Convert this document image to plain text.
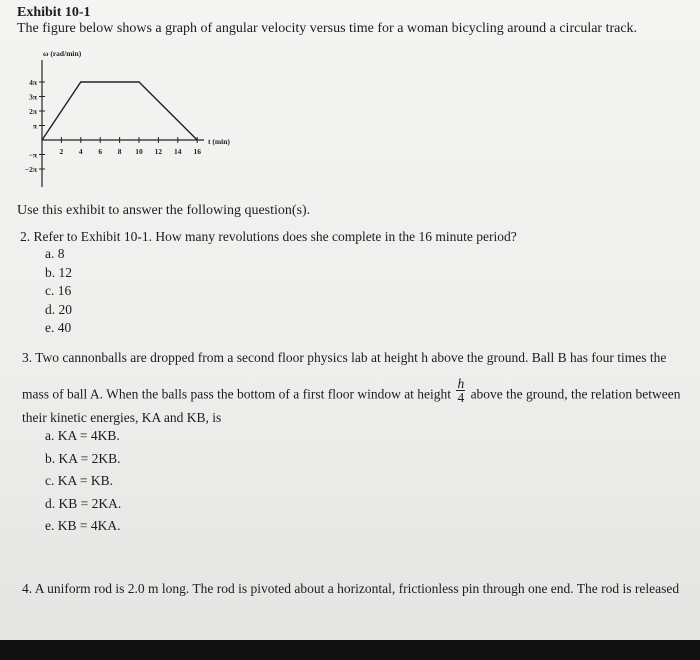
Exhibit 10-1
The figure below shows a graph of angular velocity versus time for a woman bicycling around a circular track.
ω (rad/min)
t (min)
4π
3π
2π
π
−π
−2π
2 4 6 8 10 12 14 16
Use this exhibit to answer the following question(s).
2. Refer to Exhibit 10-1. How many revolutions does she complete in the 16 minute period?
a. 8
b. 12
c. 16
d. 20
e. 40
3. Two cannonballs are dropped from a second floor physics lab at height h above the ground. Ball B has four times the
mass of ball A. When the balls pass the bottom of a first floor window at height $\frac{h}{4}$ above the ground, the relation between
their kinetic energies, KA and KB, is
a. KA = 4KB.
b. KA = 2KB.
c. KA = KB.
d. KB = 2KA.
e. KB = 4KA.
4. A uniform rod is 2.0 m long. The rod is pivoted about a horizontal, frictionless pin through one end. The rod is released
